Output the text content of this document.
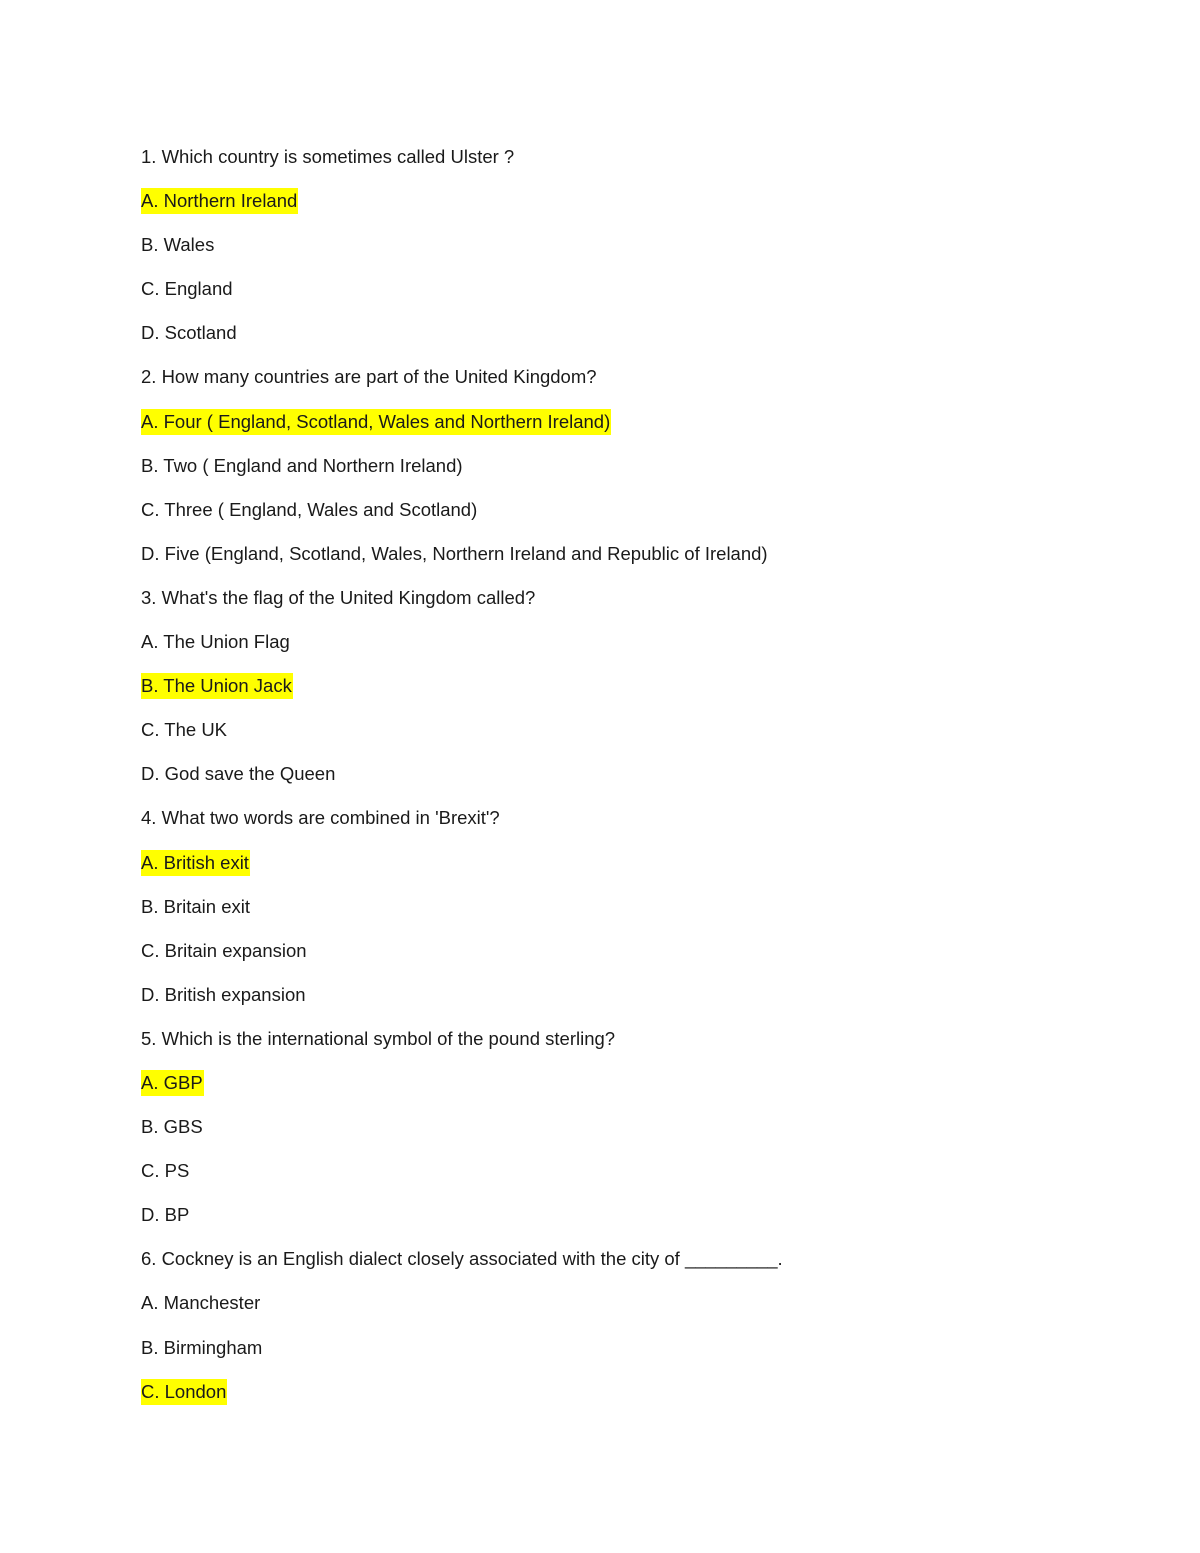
1. Which country is sometimes called Ulster ?
A. Northern Ireland
B. Wales
C. England
D. Scotland
2. How many countries are part of the United Kingdom?
A. Four ( England, Scotland, Wales and Northern Ireland)
B. Two ( England and Northern Ireland)
C. Three ( England, Wales and Scotland)
D. Five (England, Scotland, Wales, Northern Ireland and Republic of Ireland)
3. What's the flag of the United Kingdom called?
A. The Union Flag
B. The Union Jack
C. The UK
D. God save the Queen
4. What two words are combined in 'Brexit'?
A. British exit
B. Britain exit
C. Britain expansion
D. British expansion
5. Which is the international symbol of the pound sterling?
A. GBP
B. GBS
C. PS
D. BP
6. Cockney is an English dialect closely associated with the city of _________.
A. Manchester
B. Birmingham
C. London
